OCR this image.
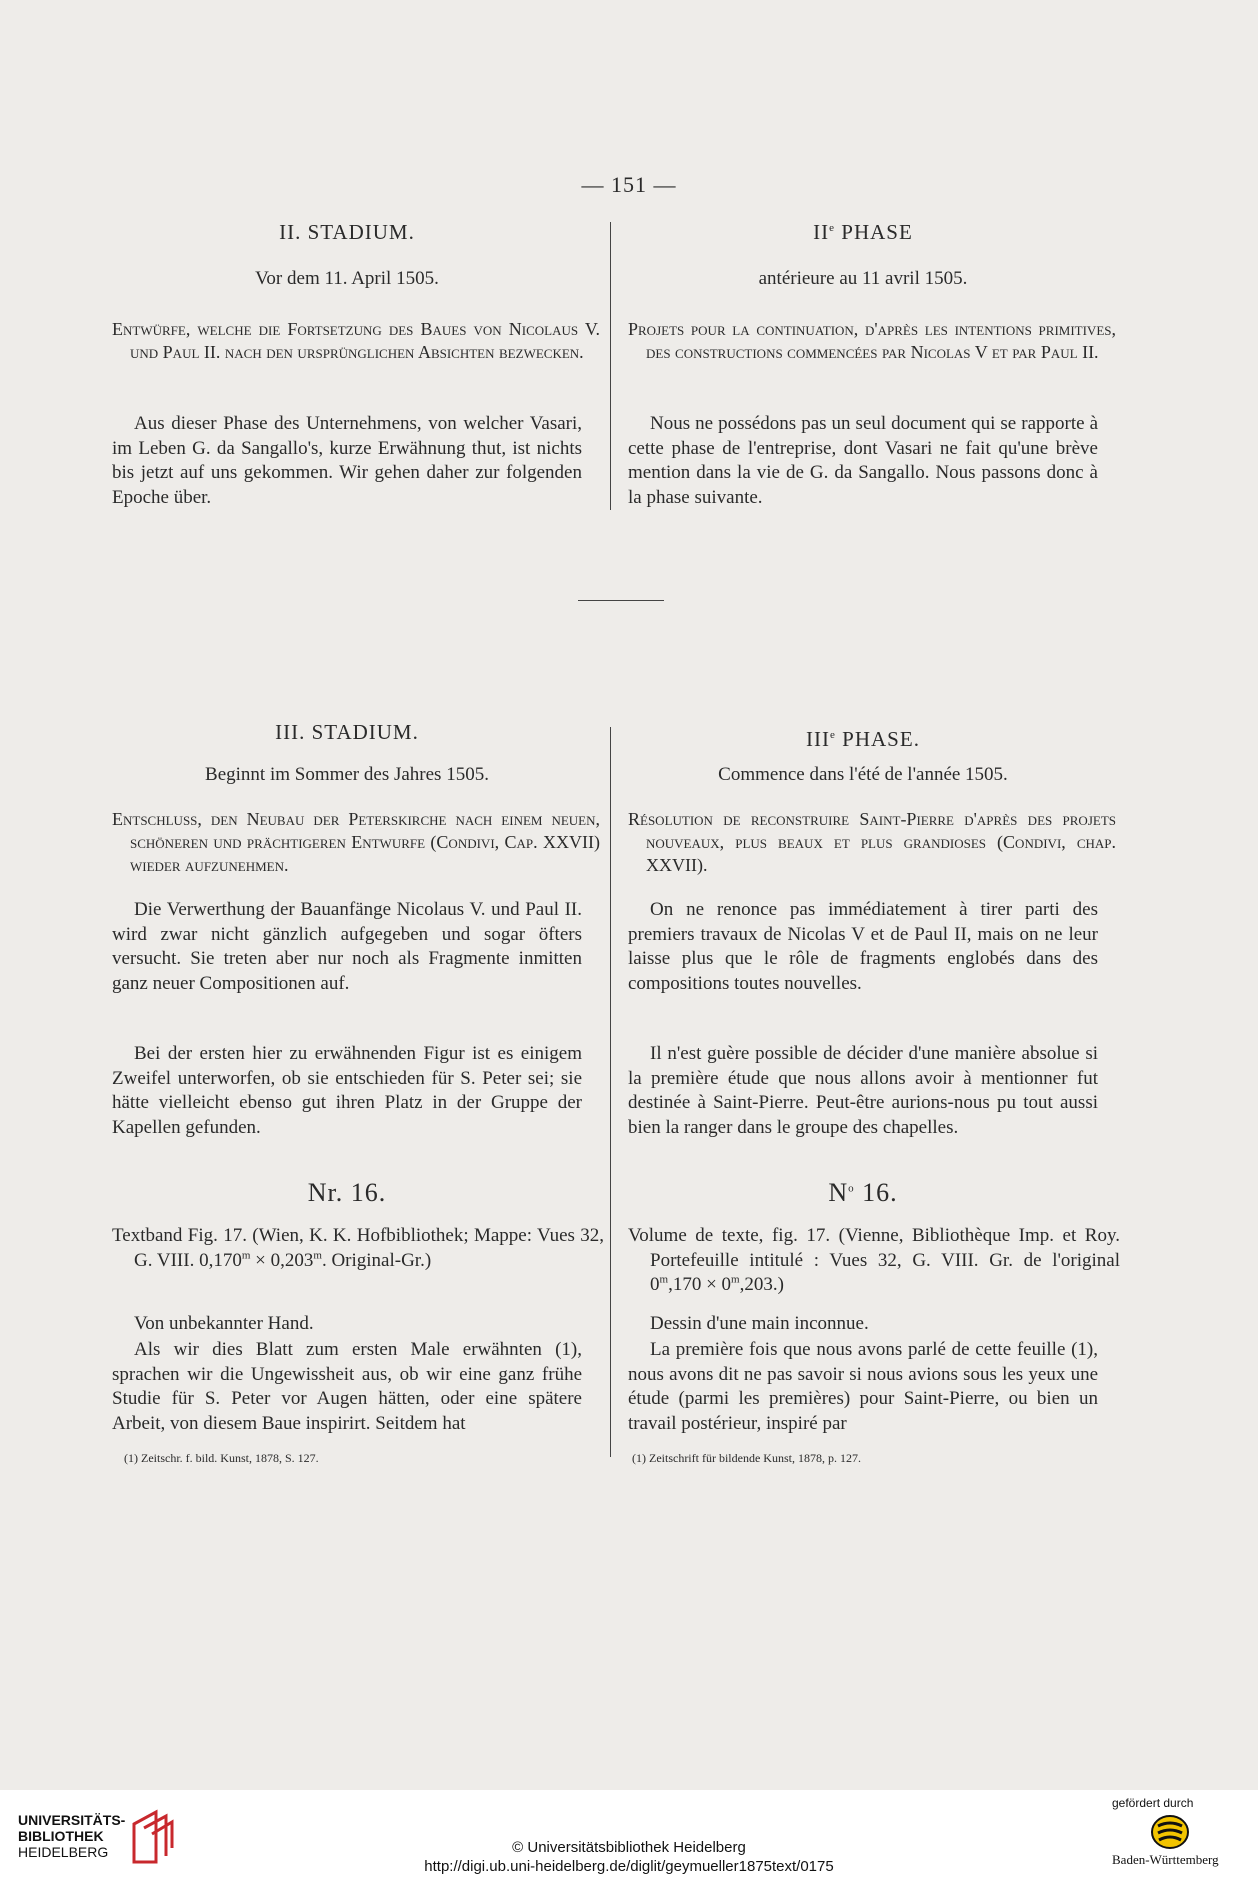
— 151 —
II. STADIUM.
Vor dem 11. April 1505.
Entwürfe, welche die Fortsetzung des Baues von Nicolaus V. und Paul II. nach den ursprünglichen Absichten bezwecken.
Aus dieser Phase des Unternehmens, von welcher Vasari, im Leben G. da Sangallo's, kurze Erwähnung thut, ist nichts bis jetzt auf uns gekommen. Wir gehen daher zur folgenden Epoche über.
IIe PHASE
antérieure au 11 avril 1505.
Projets pour la continuation, d'après les intentions primitives, des constructions commencées par Nicolas V et par Paul II.
Nous ne possédons pas un seul document qui se rapporte à cette phase de l'entreprise, dont Vasari ne fait qu'une brève mention dans la vie de G. da Sangallo. Nous passons donc à la phase suivante.
III. STADIUM.
Beginnt im Sommer des Jahres 1505.
Entschluss, den Neubau der Peterskirche nach einem neuen, schöneren und prächtigeren Entwurfe (Condivi, Cap. XXVII) wieder aufzunehmen.
Die Verwerthung der Bauanfänge Nicolaus V. und Paul II. wird zwar nicht gänzlich aufgegeben und sogar öfters versucht. Sie treten aber nur noch als Fragmente inmitten ganz neuer Compositionen auf.
Bei der ersten hier zu erwähnenden Figur ist es einigem Zweifel unterworfen, ob sie entschieden für S. Peter sei; sie hätte vielleicht ebenso gut ihren Platz in der Gruppe der Kapellen gefunden.
IIIe PHASE.
Commence dans l'été de l'année 1505.
Résolution de reconstruire Saint-Pierre d'après des projets nouveaux, plus beaux et plus grandioses (Condivi, chap. XXVII).
On ne renonce pas immédiatement à tirer parti des premiers travaux de Nicolas V et de Paul II, mais on ne leur laisse plus que le rôle de fragments englobés dans des compositions toutes nouvelles.
Il n'est guère possible de décider d'une manière absolue si la première étude que nous allons avoir à mentionner fut destinée à Saint-Pierre. Peut-être aurions-nous pu tout aussi bien la ranger dans le groupe des chapelles.
Nr. 16.
Textband Fig. 17. (Wien, K. K. Hofbibliothek; Mappe: Vues 32, G. VIII. $0,170^m \times 0,203^m$. Original-Gr.)
Von unbekannter Hand.
Als wir dies Blatt zum ersten Male erwähnten (1), sprachen wir die Ungewissheit aus, ob wir eine ganz frühe Studie für S. Peter vor Augen hätten, oder eine spätere Arbeit, von diesem Baue inspirirt. Seitdem hat
(1) Zeitschr. f. bild. Kunst, 1878, S. 127.
$N^o$ 16.
Volume de texte, fig. 17. (Vienne, Bibliothèque Imp. et Roy. Portefeuille intitulé : Vues 32, G. VIII. Gr. de l'original $0^m,170 \times 0^m,203$.)
Dessin d'une main inconnue.
La première fois que nous avons parlé de cette feuille (1), nous avons dit ne pas savoir si nous avions sous les yeux une étude (parmi les premières) pour Saint-Pierre, ou bien un travail postérieur, inspiré par
(1) Zeitschrift für bildende Kunst, 1878, p. 127.
UNIVERSITÄTS-
BIBLIOTHEK
HEIDELBERG	© Universitätsbibliothek Heidelberg
http://digi.ub.uni-heidelberg.de/diglit/geymueller1875text/0175
gefördert durch
Baden-Württemberg
